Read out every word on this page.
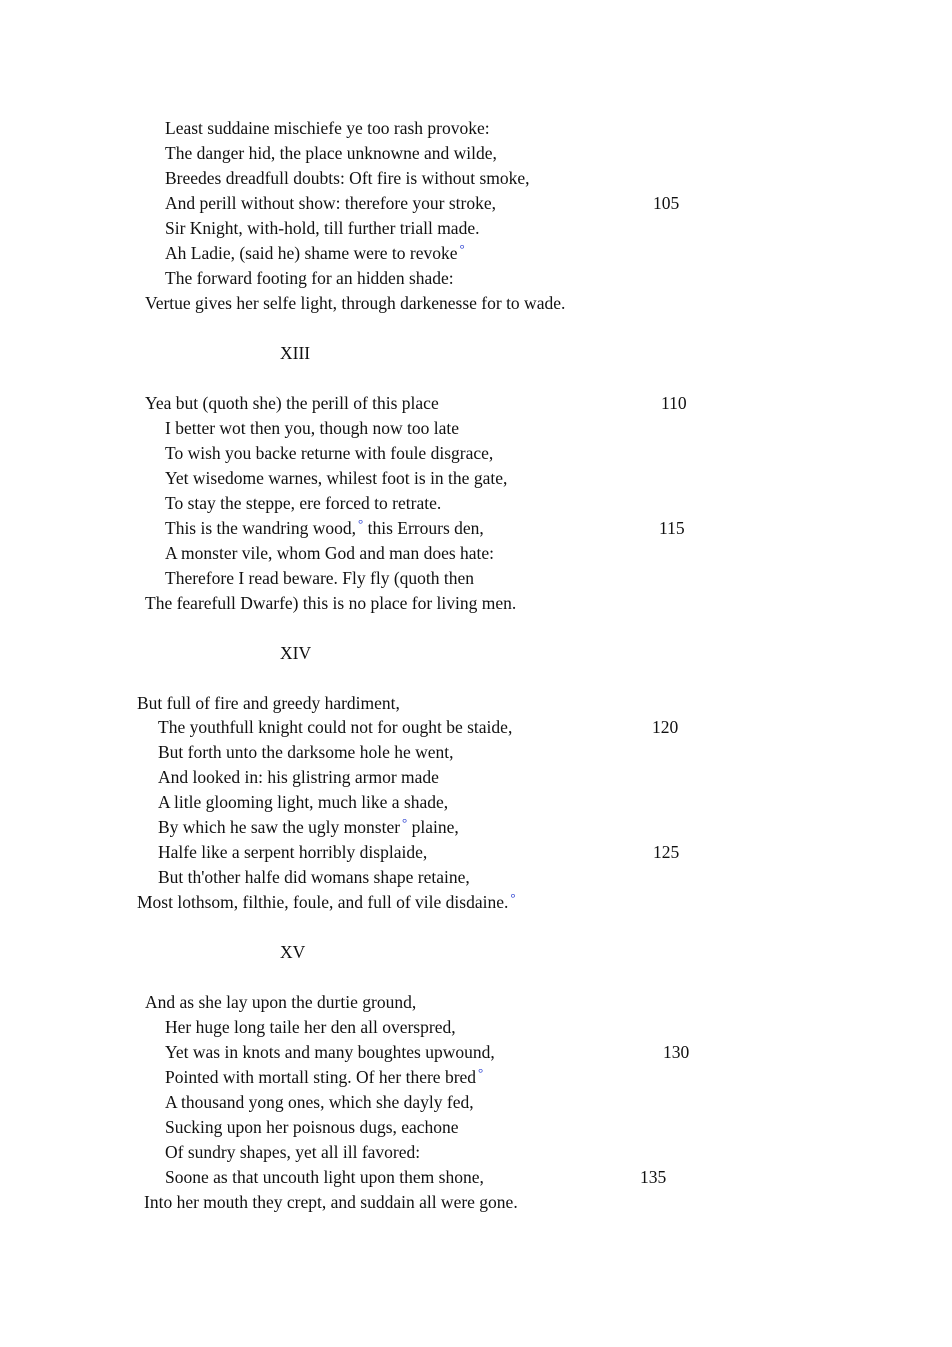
Least suddaine mischiefe ye too rash provoke:
The danger hid, the place unknowne and wilde,
Breedes dreadfull doubts: Oft fire is without smoke,
And perill without show: therefore your stroke,	105
Sir Knight, with-hold, till further triall made.
Ah Ladie, (said he) shame were to revoke °
The forward footing for an hidden shade:
Vertue gives her selfe light, through darkenesse for to wade.
XIII
Yea but (quoth she) the perill of this place	110
I better wot then you, though now too late
To wish you backe returne with foule disgrace,
Yet wisedome warnes, whilest foot is in the gate,
To stay the steppe, ere forced to retrate.
This is the wandring wood, ° this Errours den,	115
A monster vile, whom God and man does hate:
Therefore I read beware. Fly fly (quoth then
The fearefull Dwarfe) this is no place for living men.
XIV
But full of fire and greedy hardiment,
The youthfull knight could not for ought be staide,	120
But forth unto the darksome hole he went,
And looked in: his glistring armor made
A litle glooming light, much like a shade,
By which he saw the ugly monster ° plaine,
Halfe like a serpent horribly displaide,	125
But th'other halfe did womans shape retaine,
Most lothsom, filthie, foule, and full of vile disdaine. °
XV
And as she lay upon the durtie ground,
Her huge long taile her den all overspred,
Yet was in knots and many boughtes upwound,	130
Pointed with mortall sting. Of her there bred °
A thousand yong ones, which she dayly fed,
Sucking upon her poisnous dugs, eachone
Of sundry shapes, yet all ill favored:
Soone as that uncouth light upon them shone,	135
Into her mouth they crept, and suddain all were gone.
